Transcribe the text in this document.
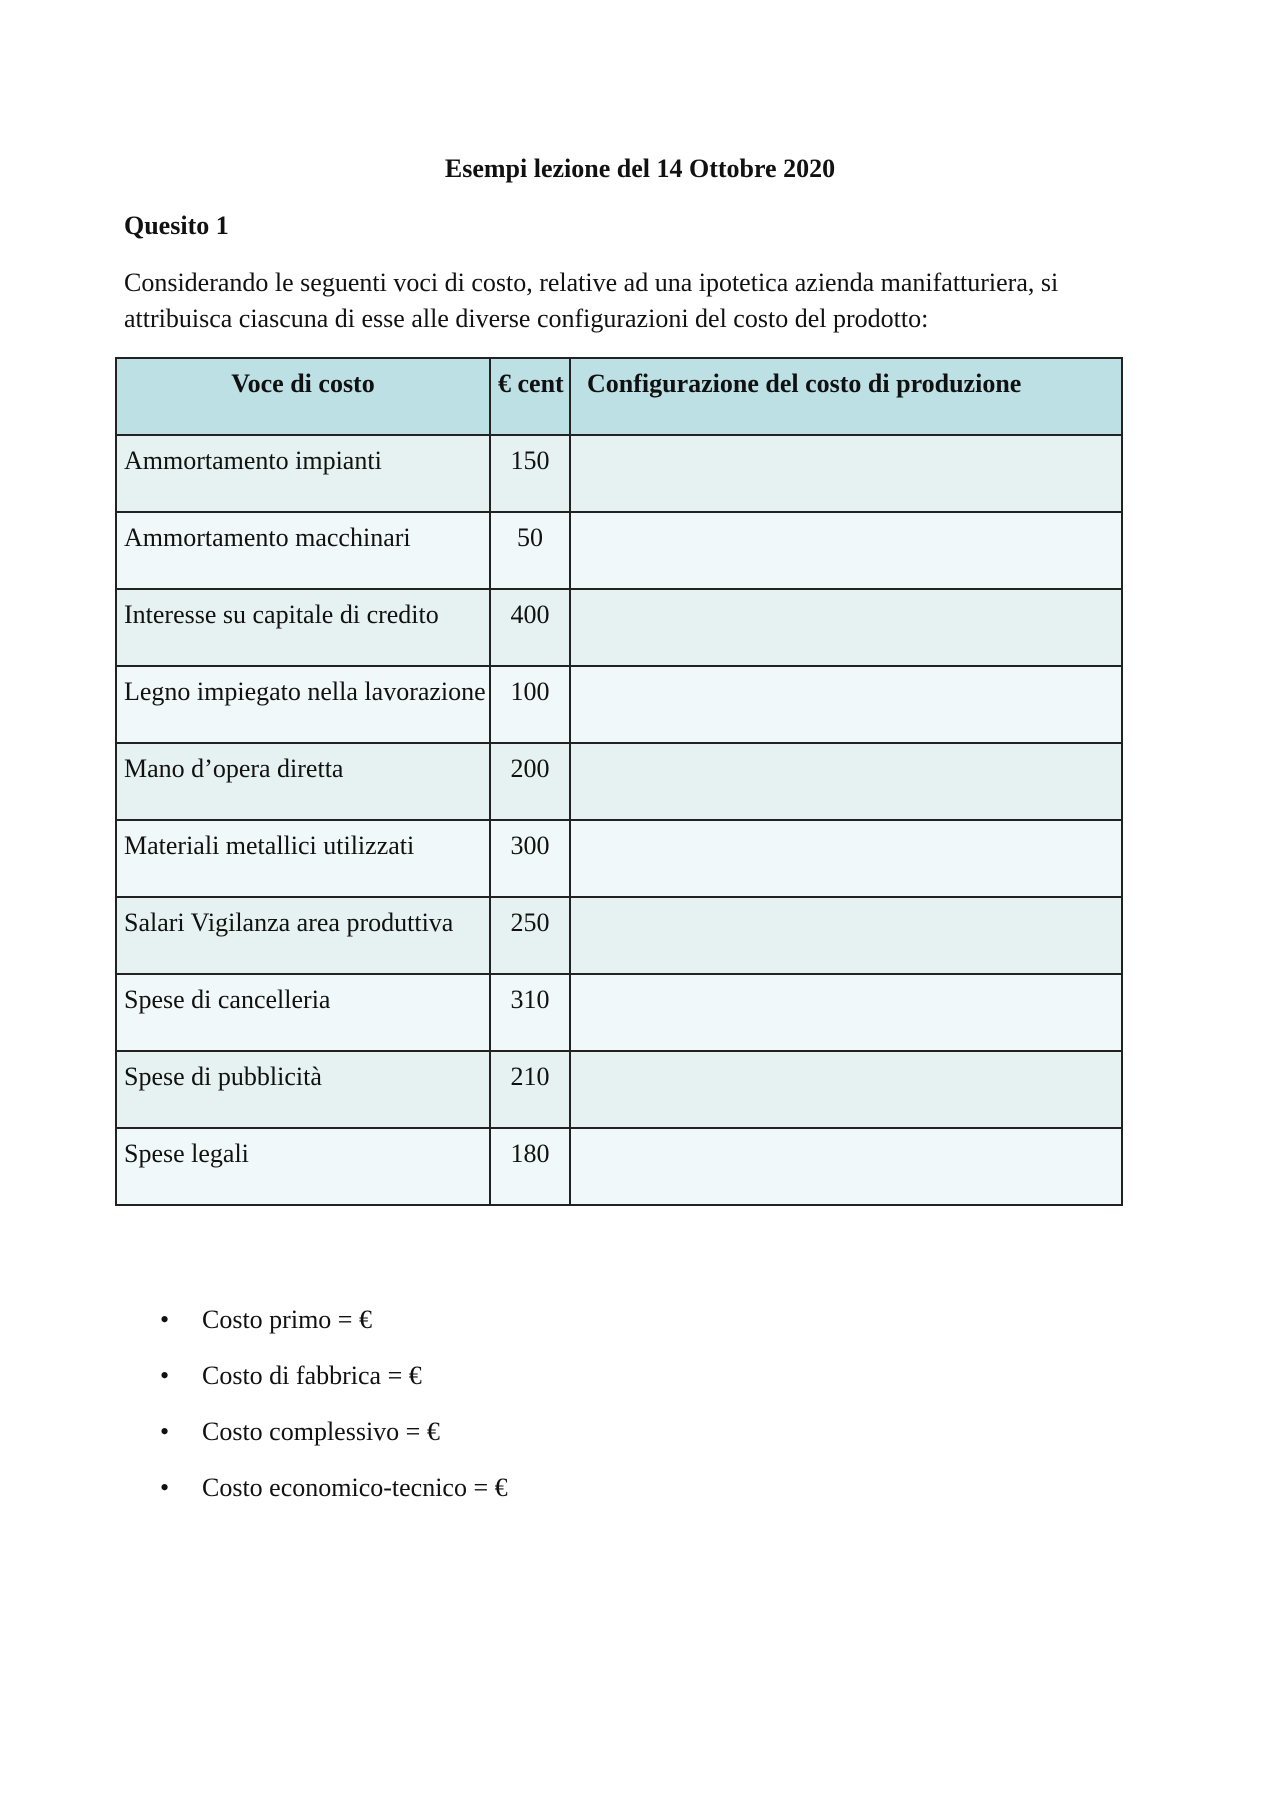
Esempi lezione del 14 Ottobre 2020
Quesito 1
Considerando le seguenti voci di costo, relative ad una ipotetica azienda manifatturiera, si
attribuisca ciascuna di esse alle diverse configurazioni del costo del prodotto:
Voce di costo	€ cent	Configurazione del costo di produzione
Ammortamento impianti	150	
Ammortamento macchinari	50	
Interesse su capitale di credito	400	
Legno impiegato nella lavorazione	100	
Mano d’opera diretta	200	
Materiali metallici utilizzati	300	
Salari Vigilanza area produttiva	250	
Spese di cancelleria	310	
Spese di pubblicità	210	
Spese legali	180	
• Costo primo = €
• Costo di fabbrica = €
• Costo complessivo = €
• Costo economico-tecnico = €
